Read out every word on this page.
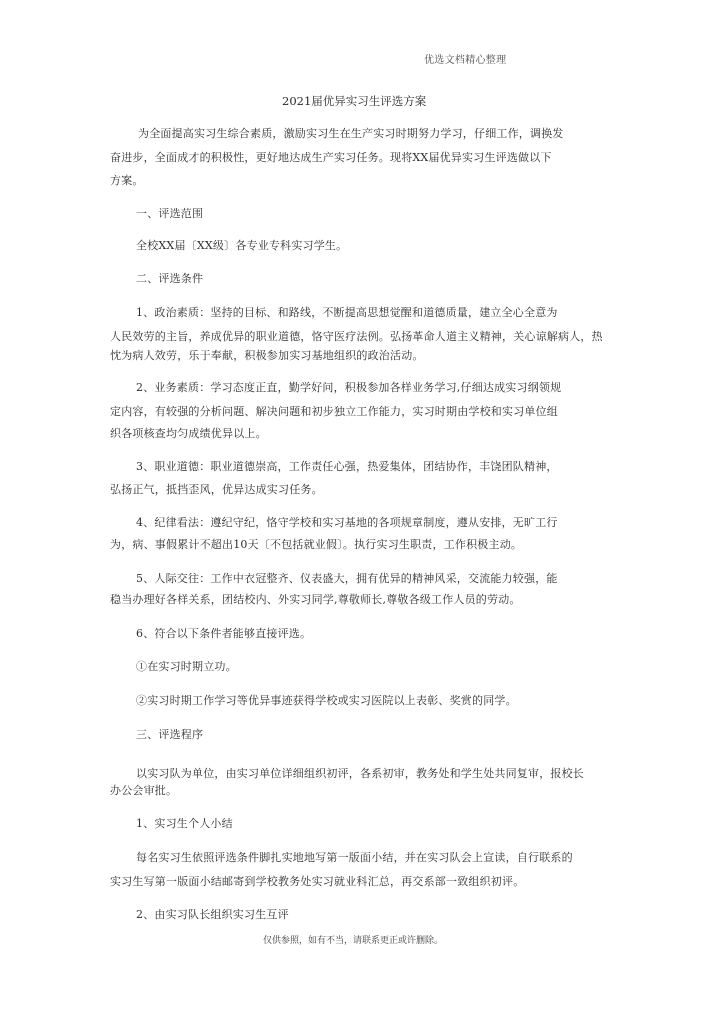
优选文档精心整理
2021届优异实习生评选方案
为全面提高实习生综合素质，激励实习生在生产实习时期努力学习，仔细工作，调换发
奋进步，全面成才的积极性，更好地达成生产实习任务。现将XX届优异实习生评选做以下
方案。
一、评选范围
全校XX届〔XX级〕各专业专科实习学生。
二、评选条件
1、政治素质：坚持的目标、和路线，不断提高思想觉醒和道德质量，建立全心全意为
人民效劳的主旨，养成优异的职业道德，恪守医疗法例。弘扬革命人道主义精神，关心谅解病人，热
忱为病人效劳，乐于奉献，积极参加实习基地组织的政治活动。
2、业务素质：学习态度正直，勤学好问，积极参加各样业务学习,仔细达成实习纲领规
定内容，有较强的分析问题、解决问题和初步独立工作能力，实习时期由学校和实习单位组
织各项核查均匀成绩优异以上。
3、职业道德：职业道德崇高，工作责任心强，热爱集体，团结协作，丰饶团队精神，
弘扬正气，抵挡歪风，优异达成实习任务。
4、纪律看法：遵纪守纪，恪守学校和实习基地的各项规章制度，遵从安排，无旷工行
为，病、事假累计不超出10天〔不包括就业假〕。执行实习生职责，工作积极主动。
5、人际交往：工作中衣冠整齐、仪表盛大，拥有优异的精神风采，交流能力较强，能
稳当办理好各样关系，团结校内、外实习同学,尊敬师长,尊敬各级工作人员的劳动。
6、符合以下条件者能够直接评选。
①在实习时期立功。
②实习时期工作学习等优异事迹获得学校或实习医院以上表彰、奖赏的同学。
三、评选程序
以实习队为单位，由实习单位详细组织初评，各系初审，教务处和学生处共同复审，报校长
办公会审批。
1、实习生个人小结
每名实习生依照评选条件脚扎实地地写第一版面小结，并在实习队会上宣读，自行联系的
实习生写第一版面小结邮寄到学校教务处实习就业科汇总，再交系部一致组织初评。
2、由实习队长组织实习生互评
仅供参照，如有不当，请联系更正或许删除。
